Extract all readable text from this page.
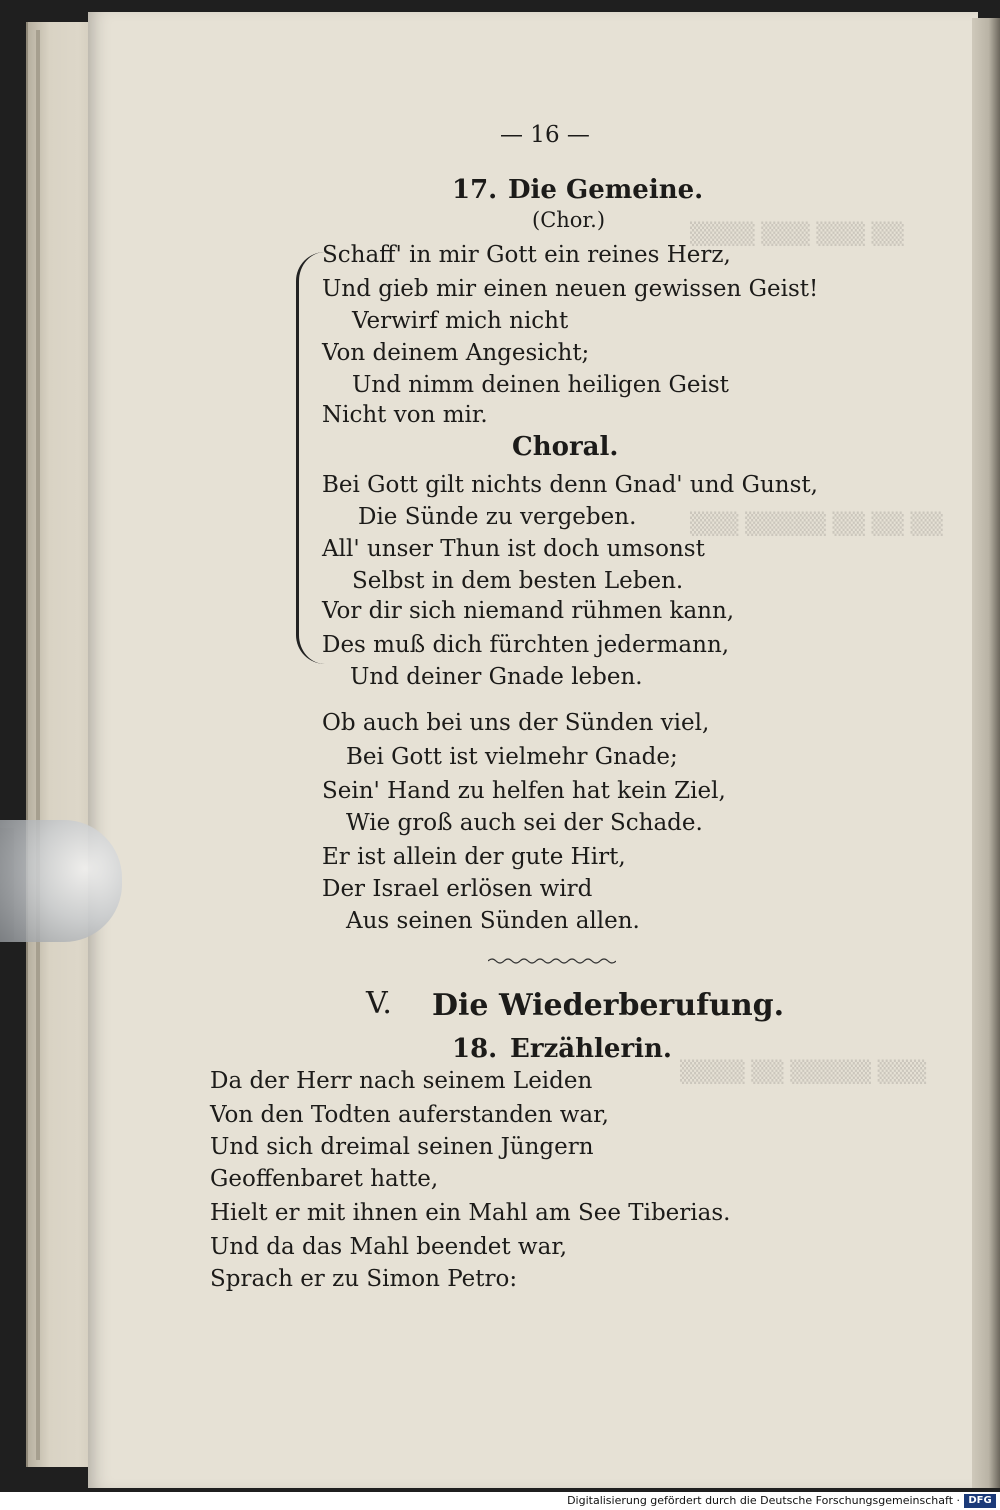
▒▒▒▒ ▒▒▒ ▒▒▒ ▒▒
▒▒▒ ▒▒▒▒▒ ▒▒ ▒▒ ▒▒
▒▒▒▒ ▒▒ ▒▒▒▒▒ ▒▒▒
— 16 —
17. Die Gemeine.
(Chor.)
Schaff' in mir Gott ein reines Herz,
Und gieb mir einen neuen gewissen Geist!
Verwirf mich nicht
Von deinem Angesicht;
Und nimm deinen heiligen Geist
Nicht von mir.
Choral.
Bei Gott gilt nichts denn Gnad' und Gunst,
Die Sünde zu vergeben.
All' unser Thun ist doch umsonst
Selbst in dem besten Leben.
Vor dir sich niemand rühmen kann,
Des muß dich fürchten jedermann,
Und deiner Gnade leben.
Ob auch bei uns der Sünden viel,
Bei Gott ist vielmehr Gnade;
Sein' Hand zu helfen hat kein Ziel,
Wie groß auch sei der Schade.
Er ist allein der gute Hirt,
Der Israel erlösen wird
Aus seinen Sünden allen.
V. Die Wiederberufung.
18. Erzählerin.
Da der Herr nach seinem Leiden
Von den Todten auferstanden war,
Und sich dreimal seinen Jüngern
Geoffenbaret hatte,
Hielt er mit ihnen ein Mahl am See Tiberias.
Und da das Mahl beendet war,
Sprach er zu Simon Petro:
Digitalisierung gefördert durch die Deutsche Forschungsgemeinschaft · DFG
